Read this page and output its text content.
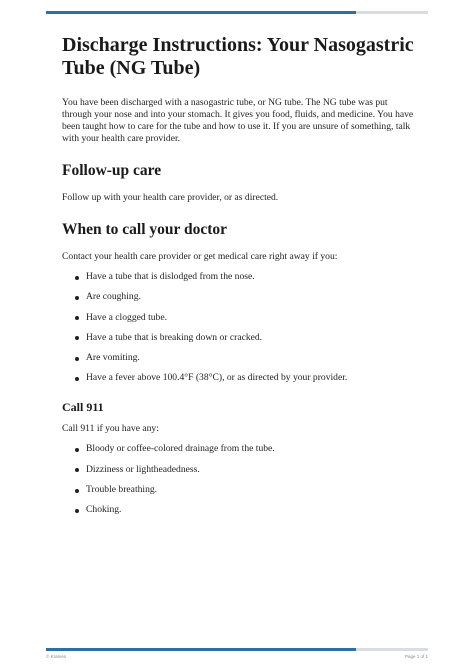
Discharge Instructions: Your Nasogastric Tube (NG Tube)

You have been discharged with a nasogastric tube, or NG tube. The NG tube was put through your nose and into your stomach. It gives you food, fluids, and medicine. You have been taught how to care for the tube and how to use it. If you are unsure of something, talk with your health care provider.

Follow-up care

Follow up with your health care provider, or as directed.

When to call your doctor

Contact your health care provider or get medical care right away if you:

Have a tube that is dislodged from the nose.
Are coughing.
Have a clogged tube.
Have a tube that is breaking down or cracked.
Are vomiting.
Have a fever above 100.4°F (38°C), or as directed by your provider.
Call 911

Call 911 if you have any:

Bloody or coffee-colored drainage from the tube.
Dizziness or lightheadedness.
Trouble breathing.
Choking.
© Krames	Page 1 of 1
